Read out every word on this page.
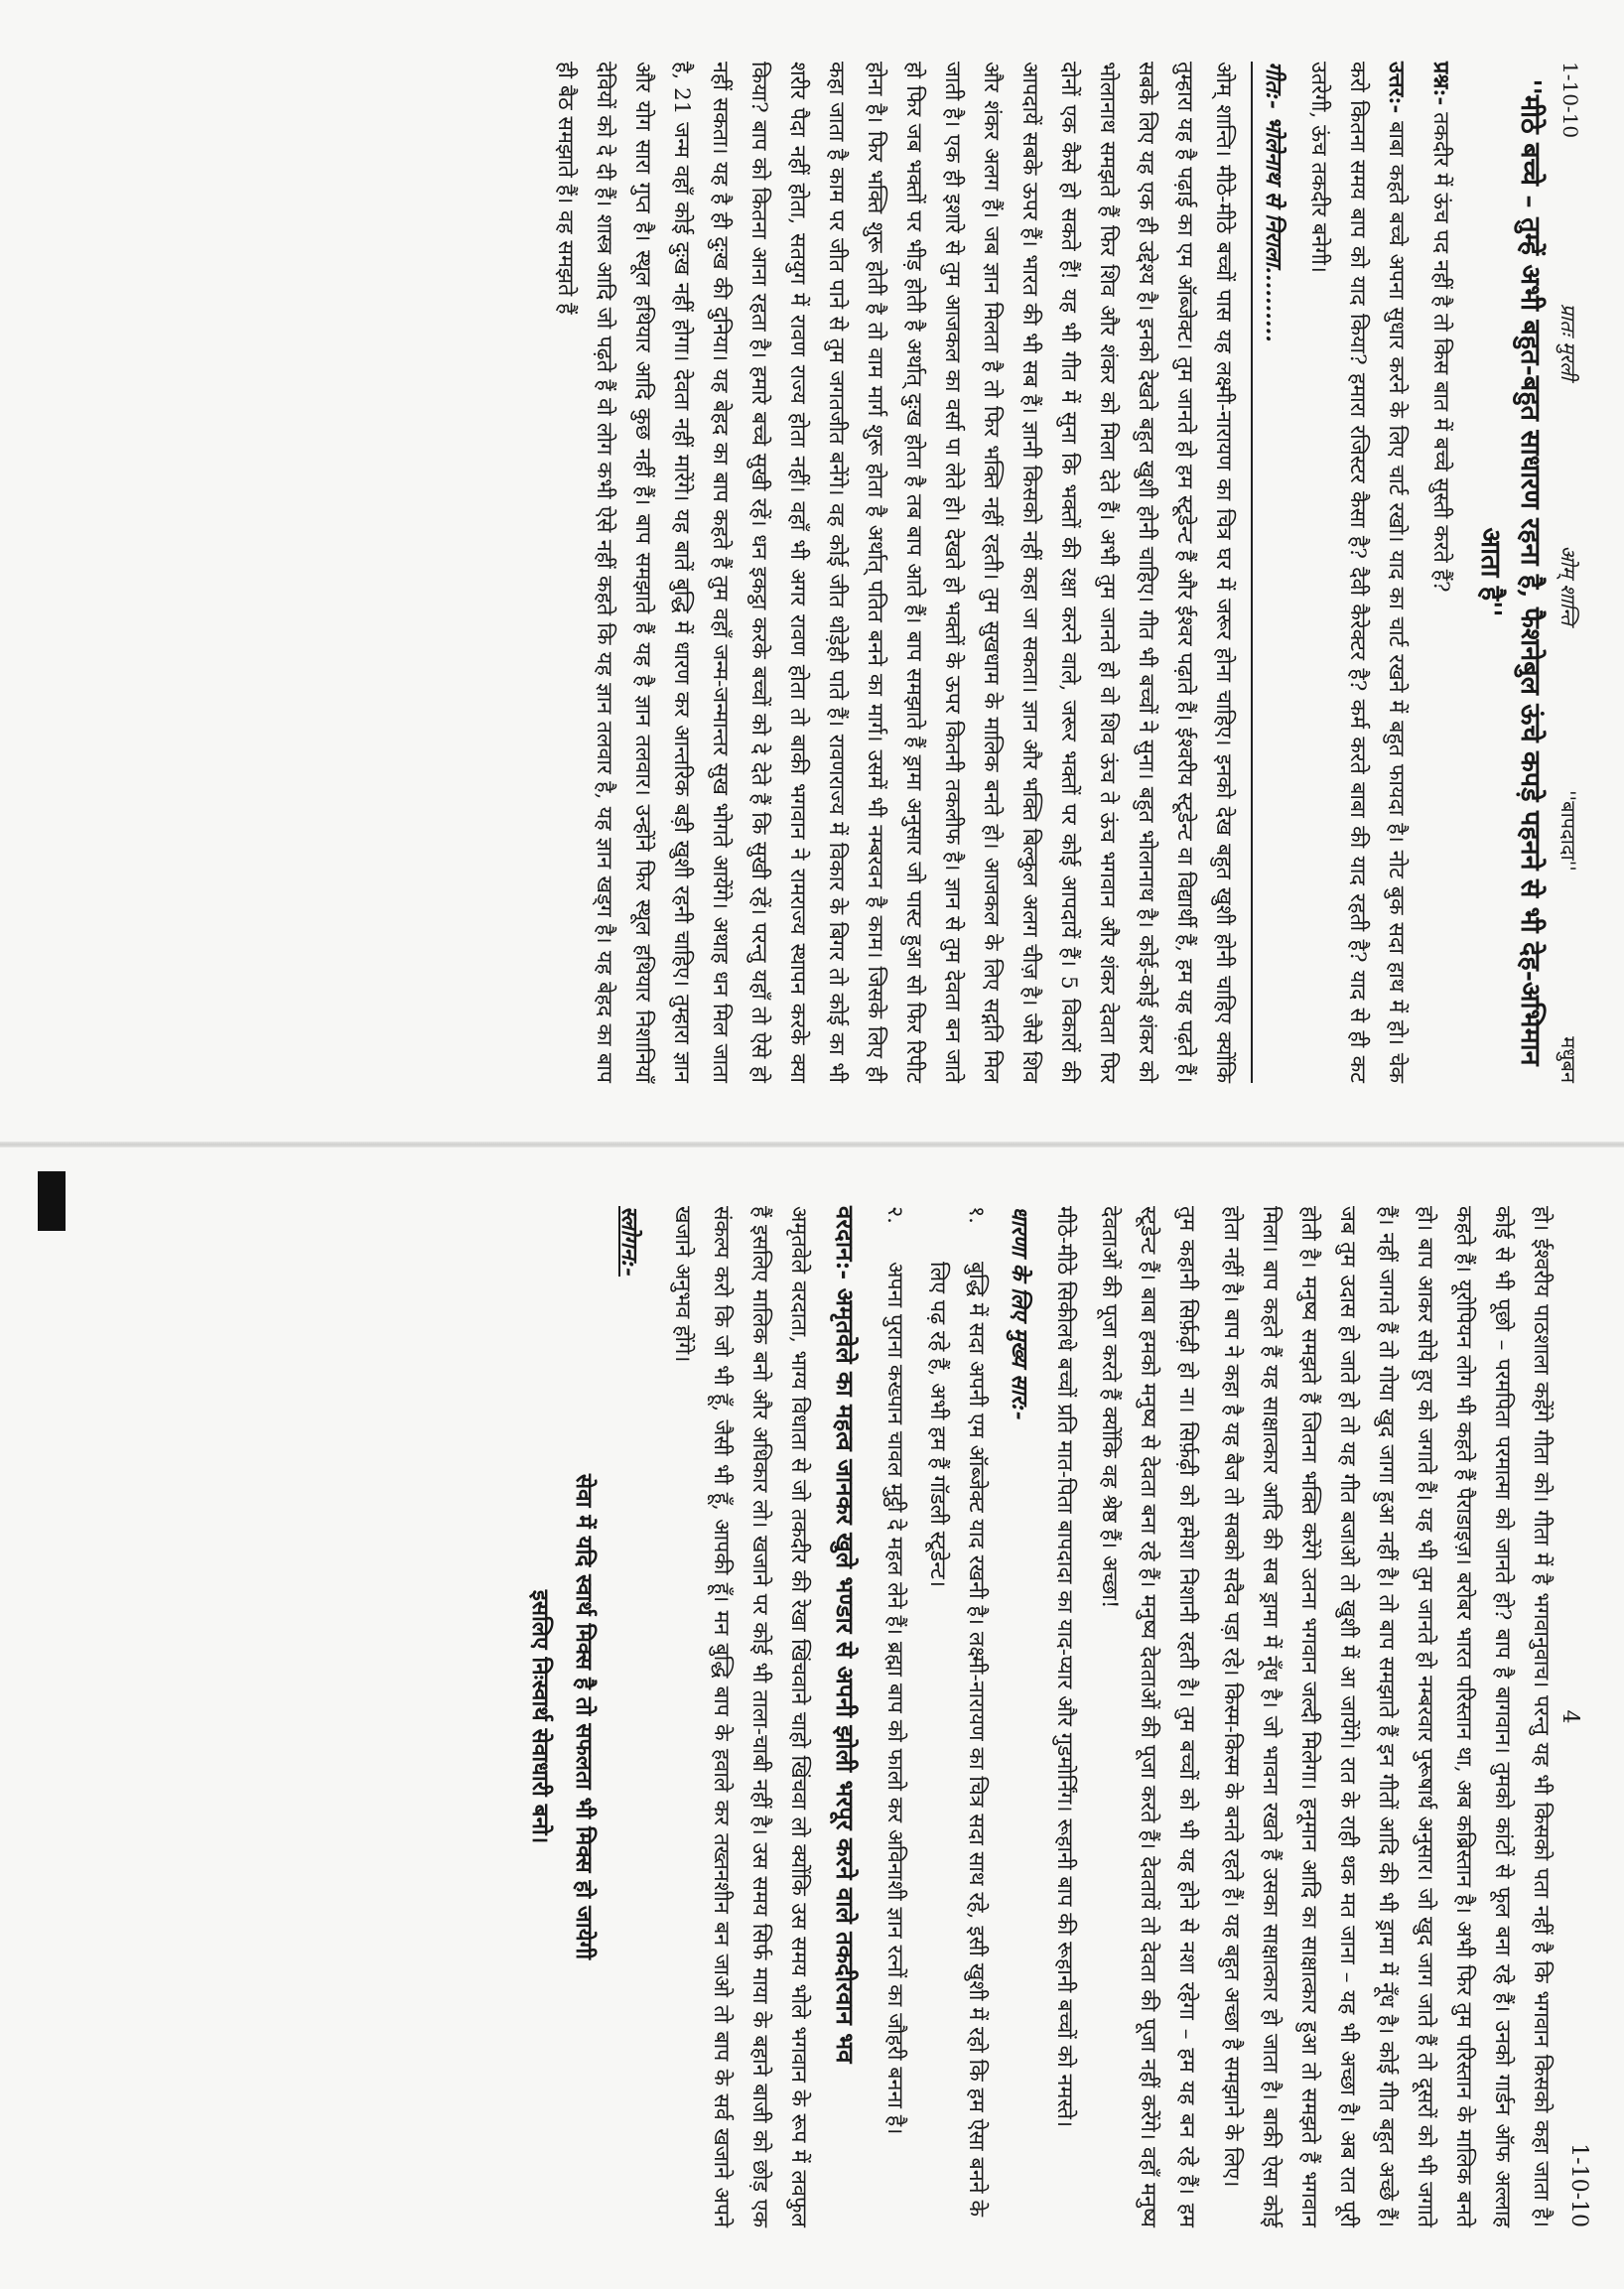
1-10-10
प्रातः मुरली
ओम् शान्ति
''बापदादा''
मधुबन
''मीठे बच्चे – तुम्हें अभी बहुत-बहुत साधारण रहना है, फैशनेबुल ऊंचे कपड़े पहनने से भी देह-अभिमान आता है''

प्रश्न:- तकदीर में ऊंच पद नहीं है तो किस बात में बच्चे सुस्ती करते हैं?

उत्तर:- बाबा कहते बच्चे अपना सुधार करने के लिए चार्ट रखो। याद का चार्ट रखने में बहुत फायदा है। नोट बुक सदा हाथ में हो। चेक करो कितना समय बाप को याद किया? हमारा रजिस्टर कैसा है? दैवी कैरेक्टर है? कर्म करते बाबा की याद रहती है? याद से ही कट उतरेगी, ऊंच तकदीर बनेगी।

गीत:- भोलेनाथ से निराला..........

ओम् शान्ति। मीठे-मीठे बच्चों पास यह लक्ष्मी-नारायण का चित्र घर में जरूर होना चाहिए। इनको देख बहुत खुशी होनी चाहिए क्योंकि तुम्हारा यह है पढ़ाई का एम ऑब्जेक्ट। तुम जानते हो हम स्टूडेन्ट हैं और ईश्वर पढ़ाते हैं। ईश्वरीय स्टूडेन्ट वा विद्यार्थी हैं, हम यह पढ़ते हैं। सबके लिए यह एक ही उद्देश्य है। इनको देखते बहुत खुशी होनी चाहिए। गीत भी बच्चों ने सुना। बहुत भोलानाथ है। कोई-कोई शंकर को भोलानाथ समझते हैं फिर शिव और शंकर को मिला देते हैं। अभी तुम जानते हो वो शिव ऊंच ते ऊंच भगवान और शंकर देवता फिर दोनों एक कैसे हो सकते हैं! यह भी गीत में सुना कि भक्तों की रक्षा करने वाले, जरूर भक्तों पर कोई आपदायें हैं। 5 विकारों की आपदायें सबके ऊपर हैं। भारत की भी सब हैं। ज्ञानी किसको नहीं कहा जा सकता। ज्ञान और भक्ति बिल्कुल अलग चीज़ है। जैसे शिव और शंकर अलग हैं। जब ज्ञान मिलता है तो फिर भक्ति नहीं रहती। तुम सुखधाम के मालिक बनते हो। आजकल के लिए सद्गति मिल जाती है। एक ही इशारे से तुम आजकल का वर्सा पा लेते हो। देखते हो भक्तों के ऊपर कितनी तकलीफ है। ज्ञान से तुम देवता बन जाते हो फिर जब भक्तों पर भीड़ होती है अर्थात् दुःख होता है तब बाप आते हैं। बाप समझाते हैं ड्रामा अनुसार जो पास्ट हुआ सो फिर रिपीट होना है। फिर भक्ति शुरू होती है तो वाम मार्ग शुरू होता है अर्थात् पतित बनने का मार्ग। उसमें भी नम्बरवन है काम। जिसके लिए ही कहा जाता है काम पर जीत पाने से तुम जगतजीत बनेंगे। वह कोई जीत थोड़ेही पाते हैं। रावणराज्य में विकार के बिगर तो कोई का भी शरीर पैदा नहीं होता, सतयुग में रावण राज्य होता नहीं। वहाँ भी अगर रावण होता तो बाकी भगवान ने रामराज्य स्थापन करके क्या किया? बाप को कितना आना रहता है। हमारे बच्चे सुखी रहें। धन इकट्ठा करके बच्चों को दे देते हैं कि सुखी रहें। परन्तु यहाँ तो ऐसे हो नहीं सकता। यह है ही दुःख की दुनिया। यह बेहद का बाप कहते हैं तुम वहाँ जन्म-जन्मान्तर सुख भोगते आयेंगे। अथाह धन मिल जाता है, 21 जन्म वहाँ कोई दुःख नहीं होगा। देवता नहीं मारेंगे। यह बातें बुद्धि में धारण कर आन्तरिक बड़ी खुशी रहनी चाहिए। तुम्हारा ज्ञान और योग सारा गुप्त है। स्थूल हथियार आदि कुछ नहीं हैं। बाप समझाते हैं यह है ज्ञान तलवार। उन्होंने फिर स्थूल हथियार निशानियाँ देवियों को दे दी हैं। शास्त्र आदि जो पढ़ते हैं वो लोग कभी ऐसे नहीं कहते कि यह ज्ञान तलवार है, यह ज्ञान खड्ग है। यह बेहद का बाप ही बैठ समझाते हैं। वह समझते हैं

4
1-10-10

हो। ईश्वरीय पाठशाला कहेंगे गीता को। गीता में है भगवानुवाच। परन्तु यह भी किसको पता नहीं है कि भगवान किसको कहा जाता है। कोई से भी पूछो – परमपिता परमात्मा को जानते हो? बाप है बागवान। तुमको कांटों से फूल बना रहे हैं। उनको गार्डन ऑफ अल्लाह कहते हैं। यूरोपियन लोग भी कहते हैं पैराडाइज़। बरोबर भारत परिस्तान था, अब कब्रिस्तान है। अभी फिर तुम परिस्तान के मालिक बनते हो। बाप आकर सोये हुए को जगाते हैं। यह भी तुम जानते हो नम्बरवार पुरूषार्थ अनुसार। जो खुद जाग जाते हैं तो दूसरों को भी जगाते हैं। नहीं जागते हैं तो गोया खुद जागा हुआ नहीं है। तो बाप समझाते हैं इन गीतों आदि की भी ड्रामा में नूँध है। कोई गीत बहुत अच्छे हैं। जब तुम उदास हो जाते हो तो यह गीत बजाओ तो खुशी में आ जायेंगे। रात के राही थक मत जाना – यह भी अच्छा है। अब रात पूरी होती है। मनुष्य समझते हैं जितना भक्ति करेंगे उतना भगवान जल्दी मिलेगा। हनूमान आदि का साक्षात्कार हुआ तो समझते हैं भगवान मिला। बाप कहते हैं यह साक्षात्कार आदि की सब ड्रामा में नूँध है। जो भावना रखते हैं उसका साक्षात्कार हो जाता है। बाकी ऐसा कोई होता नहीं है। बाप ने कहा है यह बैज तो सबको सदैव पड़ा रहे। किस्म-किस्म के बनते रहते हैं। यह बहुत अच्छा है समझाने के लिए।

तुम कहानी सिर्फ़ढ़ी हो ना। सिर्फ़ढ़ी को हमेशा निशानी रहती है। तुम बच्चों को भी यह होने से नशा रहेगा – हम यह बन रहे हैं। हम स्टूडेन्ट हैं। बाबा हमको मनुष्य से देवता बना रहे हैं। मनुष्य देवताओं की पूजा करते हैं। देवतायें तो देवता की पूजा नहीं करेंगे। वहाँ मनुष्य देवताओं की पूजा करते हैं क्योंकि वह श्रेष्ठ हैं। अच्छा!

मीठे-मीठे सिकीलधे बच्चों प्रति मात-पिता बापदादा का याद-प्यार और गुडमोर्निंग। रूहानी बाप की रूहानी बच्चों को नमस्ते।

धारणा के लिए मुख्य सार:-
१.
बुद्धि में सदा अपनी एम ऑब्जेक्ट याद रखनी है। लक्ष्मी-नारायण का चित्र सदा साथ रहे, इसी खुशी में रहो कि हम ऐसा बनने के लिए पढ़ रहे हैं, अभी हम हैं गॉडली स्टूडेन्ट।
२.
अपना पुराना कख्पान चावल मुट्ठी दे महल लेने हैं। ब्रह्मा बाप को फालो कर अविनाशी ज्ञान रत्नों का जौहरी बनना है।
वरदान:- अमृतवेले का महत्व जानकर खुले भण्डार से अपनी झोली भरपूर करने वाले तकदीरवान भव

अमृतवेले वरदाता, भाग्य विधाता से जो तकदीर की रेखा खिंचवाने चाहो खिंचवा लो क्योंकि उस समय भोले भगवान के रूप में लवफुल हैं इसलिए मालिक बनो और अधिकार लो। खजाने पर कोई भी ताला-चाबी नहीं है। उस समय सिर्फ माया के बहाने बाजी को छोड़ एक संकल्प करो कि जो भी हूँ, जैसी भी हूँ, आपकी हूँ। मन बुद्धि बाप के हवाले कर तख्तनशीन बन जाओ तो बाप के सर्व खजाने अपने खजाने अनुभव होंगे।

स्लोगन:-
सेवा में यदि स्वार्थ मिक्स है तो सफलता भी मिक्स हो जायेगी
इसलिए निःस्वार्थ सेवाधारी बनो।
